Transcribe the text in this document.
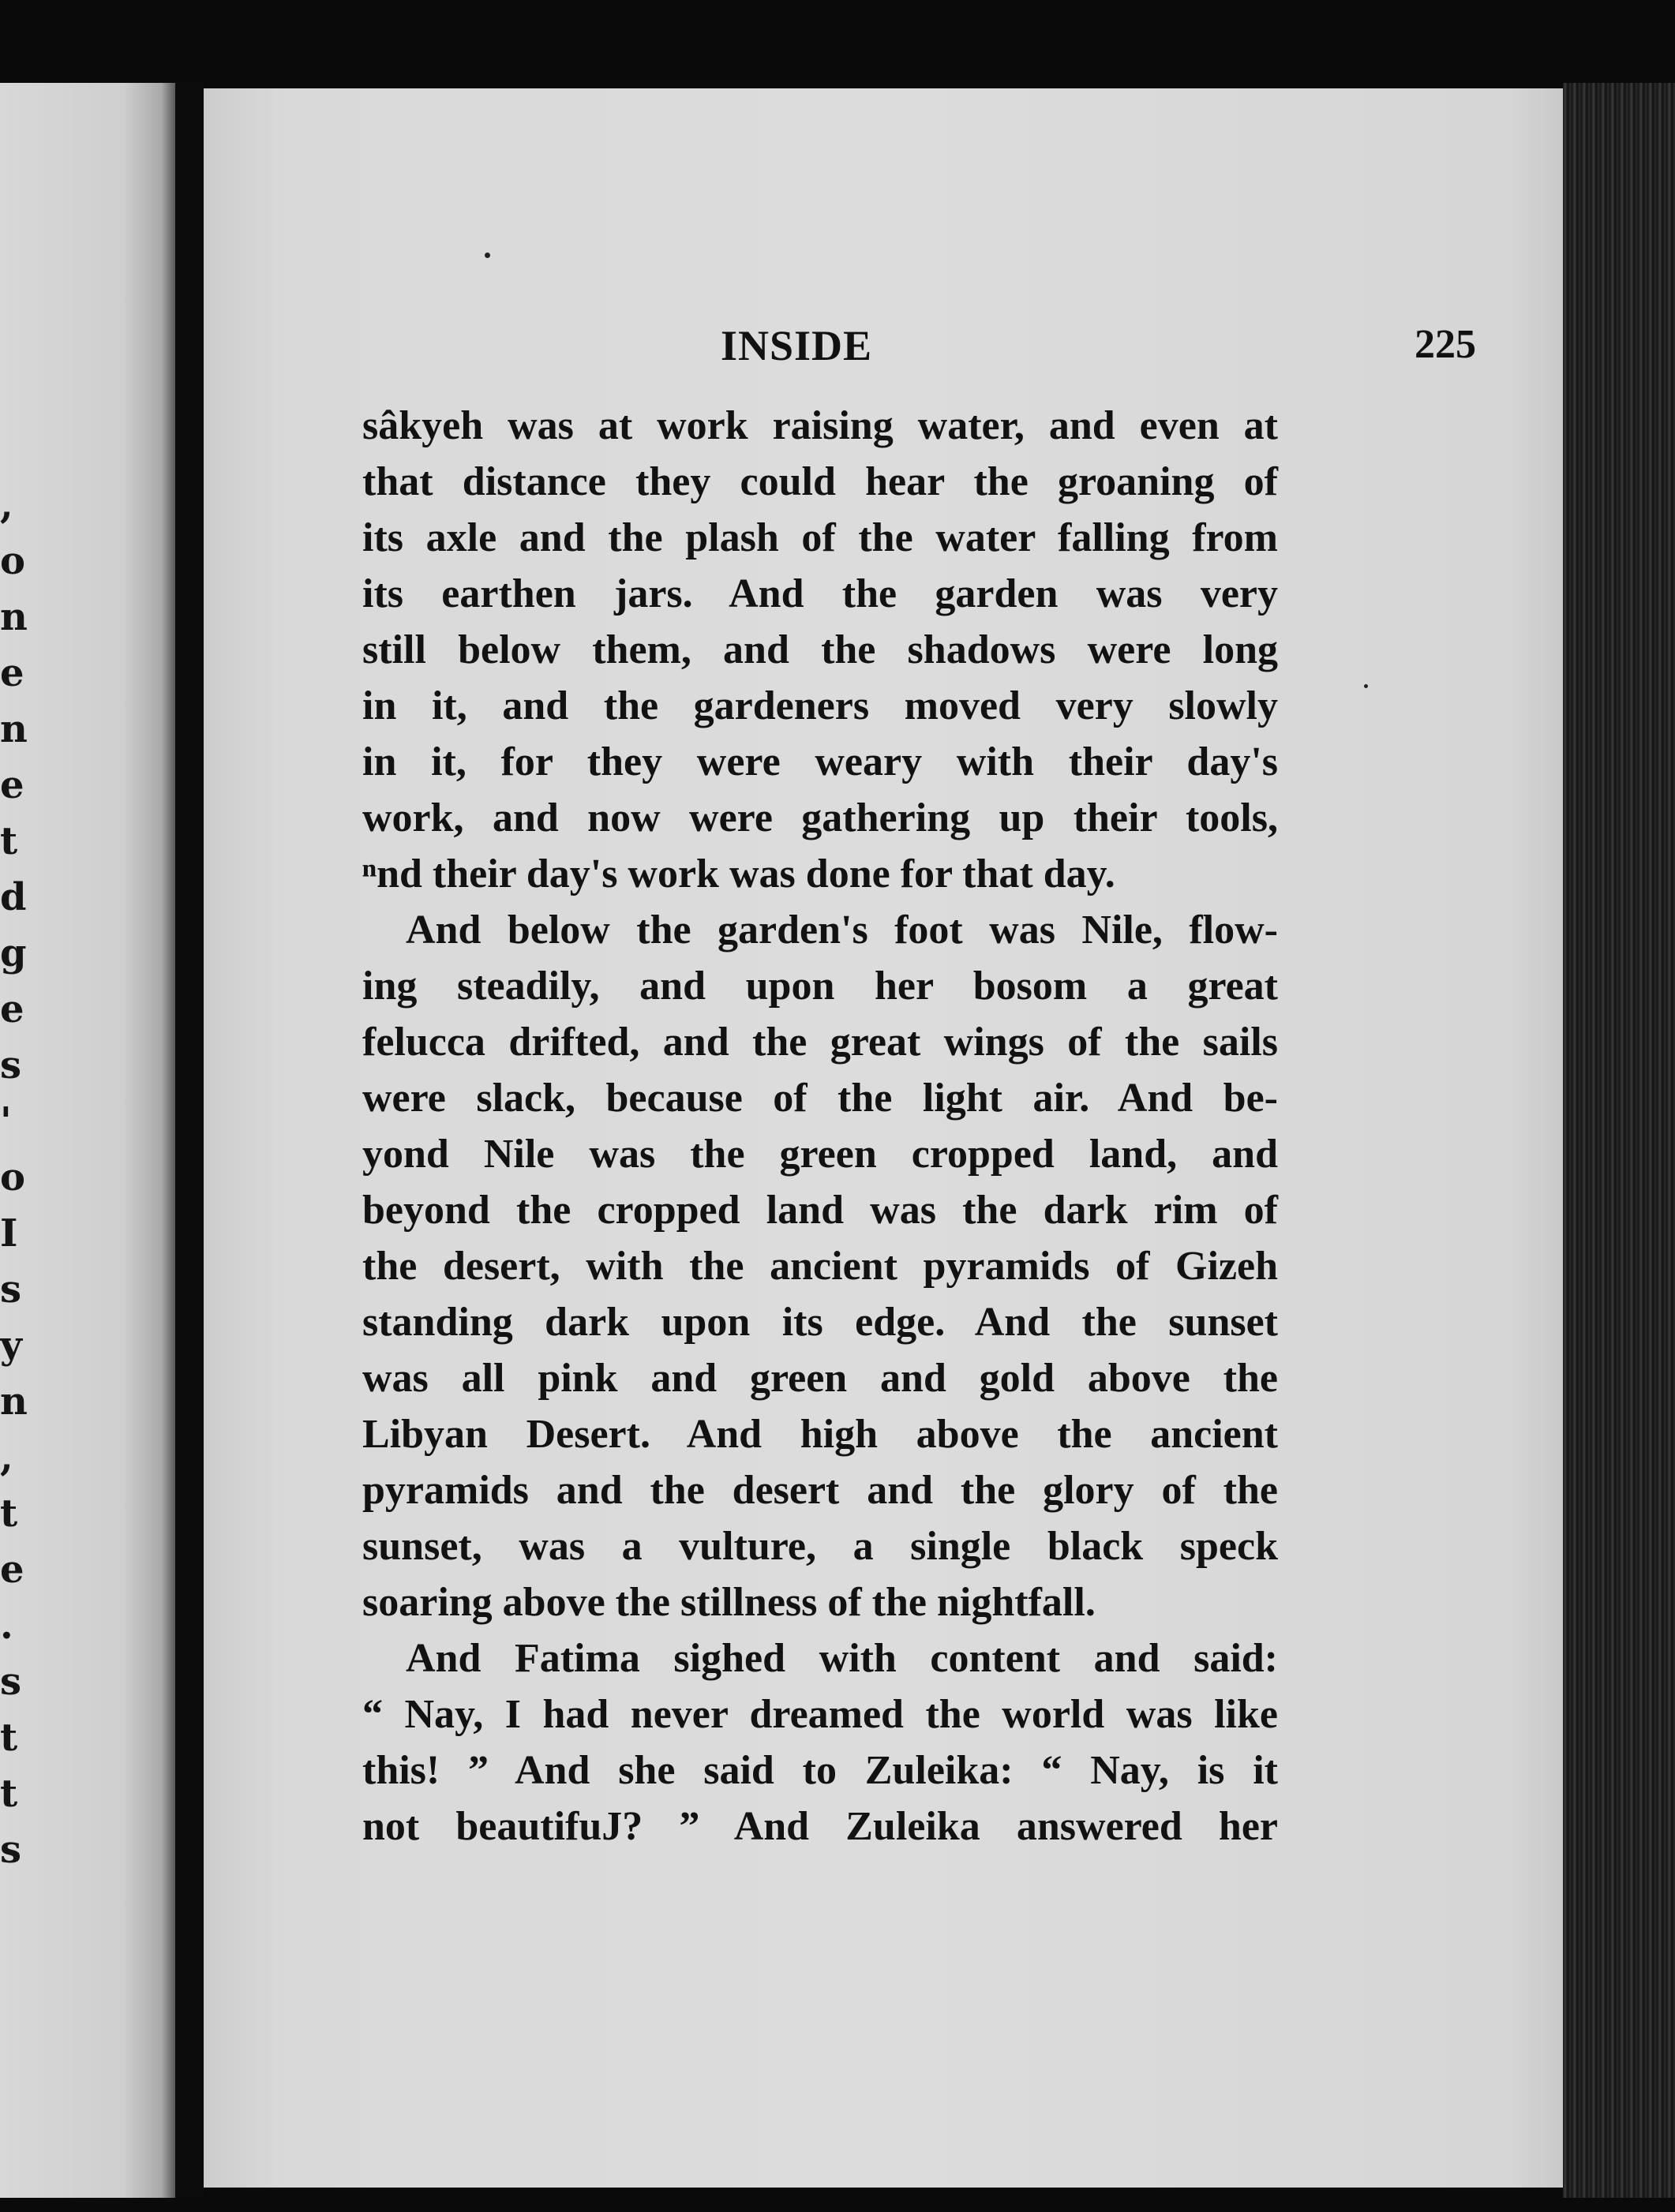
,
o
n
e
n
e
t
d
g
e
s
'
o
I
s
y
n
,
t
e
.
s
t
t
s
INSIDE	225
sâkyeh was at work raising water, and even at
that distance they could hear the groaning of
its axle and the plash of the water falling from
its earthen jars. And the garden was very
still below them, and the shadows were long
in it, and the gardeners moved very slowly
in it, for they were weary with their day's
work, and now were gathering up their tools,
ⁿnd their day's work was done for that day.
And below the garden's foot was Nile, flow-
ing steadily, and upon her bosom a great
felucca drifted, and the great wings of the sails
were slack, because of the light air. And be-
yond Nile was the green cropped land, and
beyond the cropped land was the dark rim of
the desert, with the ancient pyramids of Gizeh
standing dark upon its edge. And the sunset
was all pink and green and gold above the
Libyan Desert. And high above the ancient
pyramids and the desert and the glory of the
sunset, was a vulture, a single black speck
soaring above the stillness of the nightfall.
And Fatima sighed with content and said:
“ Nay, I had never dreamed the world was like
this! ” And she said to Zuleika: “ Nay, is it
not beautifuJ? ” And Zuleika answered her
